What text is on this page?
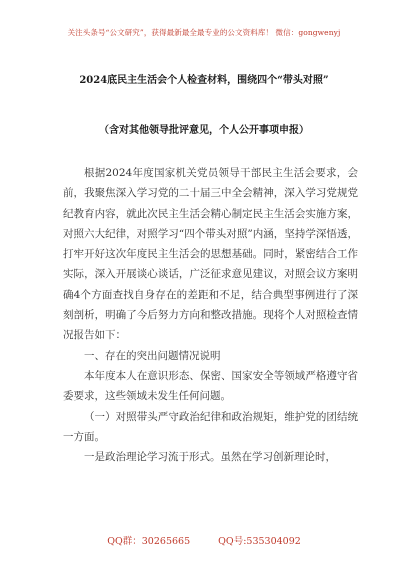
关注头条号“公文研究”，获得最新最全最专业的公文资料库！ 微信：gongwenyj
2024底民主生活会个人检查材料，围绕四个“带头对照”
（含对其他领导批评意见，个人公开事项申报）

根据2024年度国家机关党员领导干部民主生活会要求，会前，我聚焦深入学习党的二十届三中全会精神，深入学习党规党纪教育内容，就此次民主生活会精心制定民主生活会实施方案，对照六大纪律，对照学习“四个带头对照”内涵，坚持学深悟透，打牢开好这次年度民主生活会的思想基础。同时，紧密结合工作实际，深入开展谈心谈话，广泛征求意见建议，对照会议方案明确4个方面查找自身存在的差距和不足，结合典型事例进行了深刻剖析，明确了今后努力方向和整改措施。现将个人对照检查情况报告如下：

一、存在的突出问题情况说明

本年度本人在意识形态、保密、国家安全等领域严格遵守省委要求，这些领域未发生任何问题。

（一）对照带头严守政治纪律和政治规矩，维护党的团结统一方面。

一是政治理论学习流于形式。虽然在学习创新理论时，

QQ群：30265665	QQ号:535304092
